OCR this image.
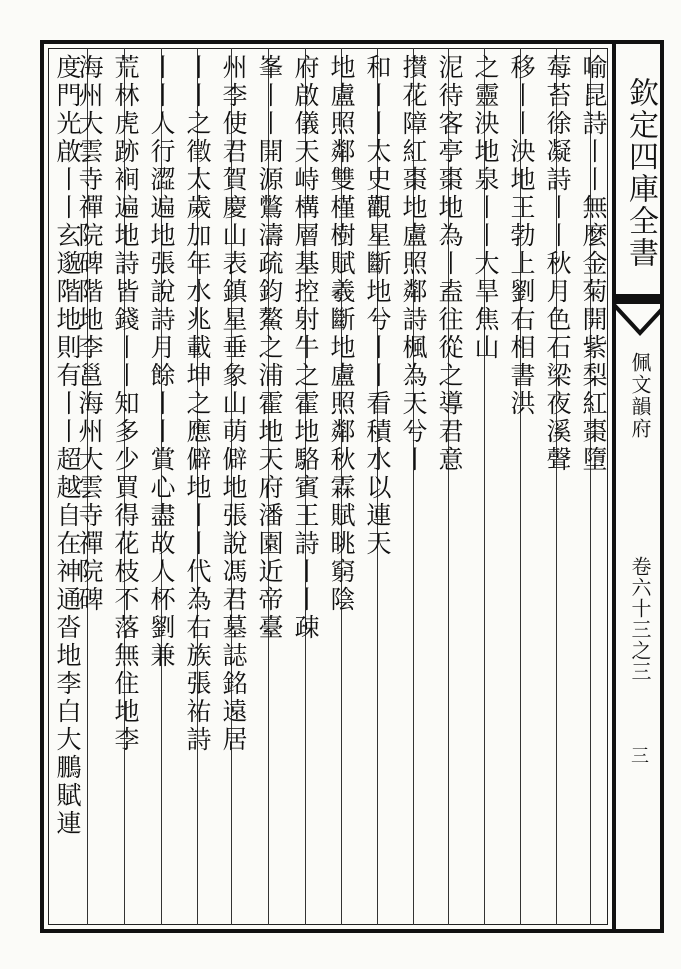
喻昆詩丨丨無麼金菊開紫梨紅棗墮
莓苔徐凝詩丨丨秋月色石梁夜溪聲
移丨丨泱地王勃上劉右相書洪
之靈泱地泉丨丨大旱焦山
泥待客亭棗地為丨盍往從之導君意
攅花障紅棗地盧照鄰詩楓為天兮丨
和丨丨太史觀星斷地兮丨丨看積水以連天
地盧照鄰雙槿樹賦羲斷地盧照鄰秋霖賦眺窮陰
府啟儀天峙構層基控射牛之霍地駱賓王詩丨丨疎
峯丨丨開源鷩濤疏鈞鰲之浦霍地天府潘園近帝臺
州李使君賀慶山表鎮星垂象山萌僻地張說馮君墓誌銘遠居
丨丨之徵太歲加年水兆載坤之應僻地丨丨代為右族張祐詩
丨丨人行澀遍地張說詩月餘丨丨賞心盡故人杯劉兼
荒林虎跡裥遍地詩皆錢丨丨知多少買得花枝不落無住地李
海州大雲寺禪院碑階地李邕海州大雲寺禪院碑
度門光啟丨丨玄邈階地則有丨丨超越自在神通沓地李白大鵬賦連	欽定四庫全書
佩文韻府
卷六十三之三
三
